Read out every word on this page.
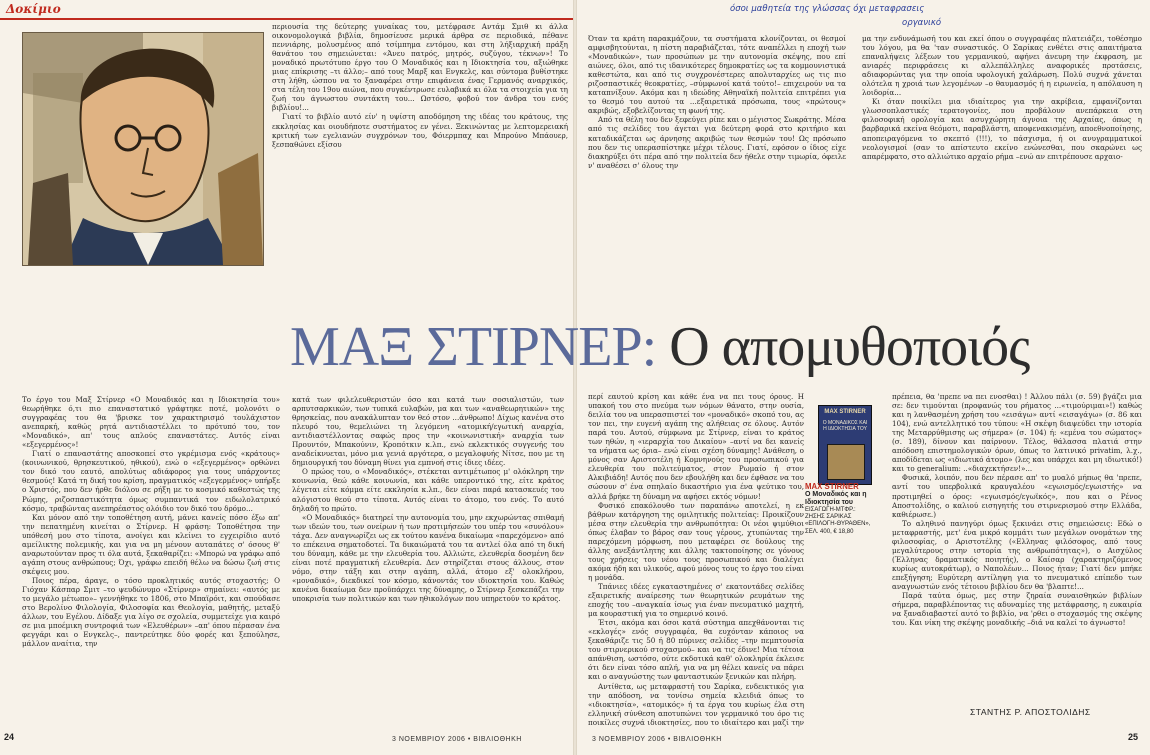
Δοκίμιο

περιουσία της δεύτερης γυναίκας του, μετέφρασε Αντάμ Σμιθ κι άλλα οικονομολογικά βιβλία, δημοσίευσε μερικά άρθρα σε περιοδικά, πέθανε πεννιάρης, μολυσμένος από τσίμπημα εντόμου, και στη λήξιαρχική πράξη θανάτου του σημειώνεται: «Άνευ πατρός, μητρός, συζύγου, τέκνων»! Το μοναδικό πρωτότυπο έργο του Ο Μοναδικός και η Ιδιοκτησία του, αξιώθηκε μιας επίκρισης –τι άλλο;– από τους Μαρξ και Ενγκελς, και σύντομα βυθίστηκε στη λήθη, ώσπου να το ξαναφέρει στην επιφάνεια ένας Γερμανός αναρχικός, στα τέλη του 19ου αιώνα, που συγκέντρωσε ευλαβικά κι όλα τα στοιχεία για τη ζωή του άγνωστου συντάκτη του... Ωστόσο, φοβού τον άνδρα του ενός βιβλίου!...

Γιατί το βιβλίο αυτό είν' η υψίστη αποδόμηση της ιδέας του κράτους, της εκκλησίας και οιουδήποτε συστήματος εν γένει. Ξεκινώντας με λεπτομερειακή κριτική των εγελιανών συγχρόνων του, Φόιερμπαχ και Μπρούνο Μπάουερ, ξεσπαθώνει εξίσου

Το έργο του Μαξ Στίρνερ «Ο Μοναδικός και η Ιδιοκτησία του» θεωρήθηκε ό,τι πιο επαναστατικό γράφτηκε ποτέ, μολονότι ο συγγραφέας του θα 'βρισκε τον χαρακτηρισμό τουλάχιστον ανεπαρκή, καθώς ρητά αντιδιαστέλλει το πρότυπό του, τον «Μοναδικό», απ' τους απλούς επαναστάτες. Αυτός είναι «εξεγερμένος»!

Γιατί ο επαναστάτης αποσκοπεί στο γκρέμισμα ενός «κράτους» (κοινωνικού, θρησκευτικού, ηθικού), ενώ ο «εξεγερμένος» ορθώνει τον δικό του εαυτό, απολύτως αδιάφορος για τους υπάρχοντες θεσμούς! Κατά τη δική του κρίση, πραγματικός «εξεγερμένος» υπήρξε ο Χριστός, που δεν ήρθε διόλου σε ρήξη με το κοσμικό καθεστώς της Ρώμης, ριζοσπαστικότητα όμως συμπαντικά τον ειδωλολατρικό κόσμο, τραβώντας ανεπηρέαστος ολόιδιο τον δικό του δρόμο...

Και μόνον από την τοποθέτηση αυτή, μάνει κανείς πόσο έξω απ' την πεπατημένη κινείται ο Στίρνερ. Η φράση: Τοποθέτησα την υπόθεσή μου στο τίποτα, ανοίγει και κλείνει το εγχειρίδιο αυτό αμείλικτης πολεμικής, και για να μη μένουν αυταπάτες σ' όσους θ' αναρωτούνταν προς τι όλα αυτά, ξεκαθαρίζει: «Μπορώ να γράφω από αγάπη στους ανθρώπους; Όχι, γράφω επειδή θέλω να δώσω ζωή στις σκέψεις μου.

Ποιος πέρα, άραγε, ο τόσο προκλητικός αυτός στοχαστής; Ο Γιόχαν Κάσπαρ Σμιτ –το ψευδώνυμο «Στίρνερ» σημαίνει: «αυτός με το μεγάλο μέτωπο»– γεννήθηκε το 1806, στο Μπαϊρόιτ, και σπούδασε στο Βερολίνο Φιλολογία, Φιλοσοφία και Θεολογία, μαθητής, μεταξύ άλλων, του Εγέλου. Δίδαξε για λίγο σε σχολεία, συμμετείχε για καιρό σε μια μποέμικη συντροφιά των «Ελευθέρων» –απ' όπου πέρασαν ένα φεγγάρι και ο Ενγκελς–, παντρεύτηκε δύο φορές και ξεπούλησε, μάλλον αναίτια, την

κατά των φιλελευθεριστών όσο και κατά των σοσιαλιστών, των αρπυτσαρκικών, των τυπικά ευλαβών, μα και των «αναθεωρητικών» της θρησκείας, που ανακάλυπταν τον θεό στον ...άνθρωπο! Δίχως κανένα στο πλευρό του, θεμελιώνει τη λεγόμενη «ατομική/εγωτική αναρχία, αντιδιαστέλλοντας σαφώς προς την «κοινωνιστική» αναρχία των Προυντόν, Μπακούνιν, Κροπότκιν κ.λπ., ενώ εκλεκτικός συγγενής του αναδείκνυεται, μόνο μια γενιά αργότερα, ο μεγαλοφυής Νίτσε, που με τη δημιουργική του δύναμη θίνει για εμπνοή στις ίδιες ιδέες.

Ο πρώος του, ο «Μοναδικός», στέκεται αντιμέτωπος μ' ολόκληρη την κοινωνία, θεώ κάθε κοινωνία, και κάθε υπεροντικό της, είτε κράτος λέγεται είτε κόμμα είτε εκκλησία κ.λπ., δεν είναι παρά κατασκευές του αλόγιστου θεού στο τίποτα. Αυτός είναι το άτομο, του ενός. Το αυτό δηλαδή το πρώτο.

«Ο Μοναδικός» διατηρεί την αυτονομία του, μην εκχωρώντας σπιθαμή των ιδεών του, των ονείρων ή των προτιμήσεών του υπέρ του «συνόλου» τάχα. Δεν αναγνωρίζει ως εκ τούτου κανένα δικαίωμα «παρεχόμενο» από το επέκεινα σηματοδοτεί. Τα δικαιώματά του τα αντλεί όλα από τη δική του δύναμη, κάθε με την ελευθερία του. Αλλιώτε, ελευθερία δοσμένη δεν είναι ποτέ πραγματική ελευθερία. Δεν στηρίζεται στους άλλους, στον νόμο, στην τάξη και στην αγάπη, αλλά, άτομο εξ' ολοκλήρου, «μοναδικό», διεκδικεί τον κόσμο, κάνοντάς τον ιδιοκτησία του. Καθώς κανένα δικαίωμα δεν προϋπάρχει της δύναμης, ο Στίρνερ ξεσκεπάζει την υποκρισία των πολιτικών και των ηθικολόγων που υπηρετούν το κράτος.

Όταν τα κράτη παρακμάζουν, τα συστήματα κλονίζονται, οι θεσμοί αμφισβητούνται, η πίστη παραβιάζεται, τότε αναπέλλει η εποχή των «Μοναδικών», των προσώπων με την αυτονομία σκέψης, που επί αιώνες, όλοι, από τις ιδανικότερες δημοκρατίες ως τα κομμουνιστικά καθεστώτα, και από τις συγχρονέστερες απολυταρχίες ως τις πιο ριζοσπαστικές θεοκρατίες, –σύμφωνοί κατά τούτο!– επιχειρούν να τα καταπνίξουν. Ακόμα και η ιδεώδης Αθηναϊκή πολιτεία επιτρέπει για το θεσμό του αυτού τα ...εξαιρετικά πρόσωπα, τους «πρώτους» ακριβώς, εξοβελίζοντας τη φωνή της.

Από τα θέλη του δεν ξεφεύγει ρίπε και ο μέγιστος Σωκράτης. Μέσα από τις σελίδες του άγεται για δεύτερη φορά στο κριτήριο και καταδικάζεται ως άρνησης ακριβώς των θεσμών του! Ως πρόσωπο που δεν τις υπερασπίστηκε μέχρι τέλους. Γιατί, εφόσον ο ίδιος είχε διακηρύξει ότι πέρα από την πολιτεία δεν ήθελε στην τιμωρία, όφειλε ν' αναθέσει σ' όλους την

μα την ενδυνάμωσή του και εκεί όπου ο συγγραφέας πλατειάζει, τοθέσημο του λόγου, μα θα 'ταν συναστικός. Ο Σαρίκας ενθέτει στις απαιτήματα επαναλήψεις λέξεων του γερμανικού, αφήνει άνευρη την έκφραση, με ανιαρές περιφράσεις κι αλλεπάλληλες αναφορικές προτάσεις, αδιαφορώντας για την οποία υφολογική χαλάρωση. Πολύ συχνά χάνεται ολότελα η χροιά των λεγομένων –ο θαυμασμός ή η ειρωνεία, η απόλαυση η λοιδορία...

Κι όταν ποικίλει μια ιδιαίτερος για την ακρίβεια, εμφανίζονται γλωσσοπλαστικές τερατογονίες, που προβάλουν ανεπάρκεια στη φιλοσοφική ορολογία και ασυγχώρητη άγνοια της Αρχαίας, όπως η βαρβαρικά εκείνα θεόμοτι, παραβλάστη, αποφενακισμένη, αποεθνοποίησης, αποπειραγόμενα το σκεπτό (!!!), το πάσχισμα, ή οι ανυγραμματικοί νεολογισμοί (σαν το απίστευτο εκείνο ενώνεσθαι, που σκαρώνει ως απαρέμφατο, στο αλλιώτικο αρχαίο ρήμα –ενώ αν επιτρέπουσε αρχαιο-

περί εαυτού κρίση και κάθε ένα να πει τους όρους. Η υπακοή του στο πνεύμα των νόμων θάνατο, στην ουσία, δειλία του να υπερασπιστεί τον «μοναδικό» σκοπό του, ας τον πει, την ευγενή αγάπη της αλήθειας σε όλους. Αυτόν παρά του. Αυτού, σύμφωνα με Στίρνερ, είναι το κράτος των ηθών, η «ιεραρχία του Δικαίου» –αντί να δει κανείς τα νήματα ως όρια– ενώ είναι σχέση δύναμης! Ανάθεση, ο μόνος σαν Αριστοτέλη ή Κομνηνούς του προσωπικού για ελευθερία του πολιτεύματος, στον Ρωμαίο ή στον Αλκιβιάδη! Αυτός που δεν εβουλήθη και δεν έφθασε να του σώσουν σ' ένα σπηλαίο δικαστήριο για ένα ψεύτικο του, αλλά βρήκε τη δύναμη να αφήσει εκτός νόμων!

Φυσικό επακόλουθο των παραπάνω αποτελεί, η εκ βάθρων κατάργηση της ομιλητικής πολιτείας: Προικίζουν μέσα στην ελευθερία την ανθρωπότητα: Οι νέοι ψιμύθιοι όπως έλαβαν το βάρος σαν τους γέρους, χτυπώντας την παρεχόμενη μόρφωση, που μεταφέρει σε δούλους της άλλης ανεξάντλητης και άλλης τακτοποίησης σε γόνους τους χρήσεις του νέου τους προσωπικού και διαλέγει ακόμα ήδη και υλικούς, αφού μόνος τους το έργο του είναι η μονάδα.

Τπάνιες ιδέες εγκαταστημένες σ' εκατοντάδες σελίδες εξαιρετικής αναίρεσης των θεωρητικών ρευμάτων της εποχής του –αναγκαία ίσως για έναν πνευματικό μαχητή, μα κουραστική για το σημερινό κοινό.

Έτσι, ακόμα και όσοι κατά σύστημα απεχθάνονται τις «εκλογές» ενός συγγραφέα, θα ευχόνταν κάποιος να ξεκαθάριζε τις 50 ή 80 πύρινες σελίδες –την πεμπτουσία του στιρνερικού στοχασμού– και να τις έδινε! Μια τέτοια απάνθιση, ωστόσο, ούτε εκδοτικά καθ' ολοκληρία έκλεισε ότι δεν είναι τόσο απλή, για να μη θέλει κανείς να πάρει και ο αναγνώστης των φανταστικών ξενικών και πλήρη.

Αντίθετα, ως μεταφραστή του Σαρίκα, ενδεικτικός για την απόδοση, να τονίσω σημεία κλειδιά όπως το «ιδιοκτησία», «ατομικός» ή τα έργα του κυρίως έλα στη ελληνική σύνθεση αποτυπώνει τον γερμανικό του όρο τις ποικίλες συχνά ιδιοκτησίες, που το ιδιαίτερο και μαζί την

πρέπεια, θα 'πρεπε να πει ενοσθαι) ! Άλλου πάλι (σ. 59) βγάζει μια σε: δεν τιμούνται (προφανώς του ρήματος ...«τιμούριμαι»!) καθώς και η λανθασμένη χρήση του «εισάγω» αντί «εισαγάγω» (σ. 86 και 104), ενώ αντελλητικό του τύπου: «Η σκέψη διαψεύδει την ιστορία της Μεταρρύθμισης ως σήμερα» (σ. 104) ή: «εμένα του σώματος» (σ. 189), δίνουν και παίρνουν. Τέλος, θάλασσα πλατιά στην απόδοση επιστημολογικών όρων, όπως το λατινικό privatim, λ.χ., αποδίδεται ως «ιδιωτικό άτομο» (λες και υπάρχει και μη ιδιωτικό!) και το generalium: ..«διαχεκτήσεν!»...

Φυσικά, λοιπόν, που δεν πέρασε απ' το μυαλό μήπως θα 'πρεπε, αντί του υπερβολικά κραυγαλέου «εγωισμός/εγωιστής» να προτιμηθεί ο όρος: «εγωισμός/εγωϊκός», που και ο Ρένος Αποστολίδης, ο καλιού εισηγητής του στιρνερισμού στην Ελλάδα, καθιέρωσε.)

Το αληθινό πανηγύρι όμως ξεκινάει στις σημειώσεις: Εδώ ο μεταφραστής, μετ' ένα μικρό κομμάτι των μεγάλων ονομάτων της φιλοσοφίας, ο Αριστοτέλης («Ελληνας φιλόσοφος, από τους μεγαλύτερους στην ιστορία της ανθρωπότητας»), ο Αισχύλος (Έλληνας δραματικός ποιητής), ο Καίσαρ (χαρακτηριζόμενος κυρίως αυτοκράτωρ), ο Ναπολέων... Ποιος ήταν; Γιατί δεν μπήκε επεξήγηση; Ευρύτερη αντίληψη για το πνευματικό επίπεδο των αναγνωστών ενός τέτοιου βιβλίου δεν θα 'βλαπτε!...

Παρά ταύτα όμως, μες στην ζηραία συναισθηκών βιβλίων σήμερα, παραβλέποντας τις αδυναμίες της μετάφρασης, η ευκαιρία να ξαναδιαβαστεί αυτό το βιβλίο, να 'ρθει ο στοχασμός της σκέψης του. Και νίκη της σκέψης μοναδικής –διά να καλεί το άγνωστο!

ΜΑΞ ΣΤΙΡΝΕΡ: Ο απομυθοποιός
όσοι μαθητεία της γλώσσας όχι μεταφρασεις
οργανικό
MAX STIRNER
Ο ΜΟΝΑΔΙΚΟΣ ΚΑΙ Η ΙΔΙΟΚΤΗΣΙΑ ΤΟΥ
MAX STIRNER
Ο Μοναδικός και η Ιδιοκτησία του
ΕΙΣΑΓΩΓΗ-ΜΤΦΡ.:
ΖΗΣΗΣ ΣΑΡΙΚΑΣ
«ΕΠΙΛΟΓΗ-ΘΥΡΑΘΕΝ»,
ΣΕΛ. 400, € 18,80
ΣΤΑΝΤΗΣ Ρ. ΑΠΟΣΤΟΛΙΔΗΣ
24	3 ΝΟΕΜΒΡΙΟΥ 2006 • ΒΙΒΛΙΟΘΗΚΗ	3 ΝΟΕΜΒΡΙΟΥ 2006 • ΒΙΒΛΙΟΘΗΚΗ	25
